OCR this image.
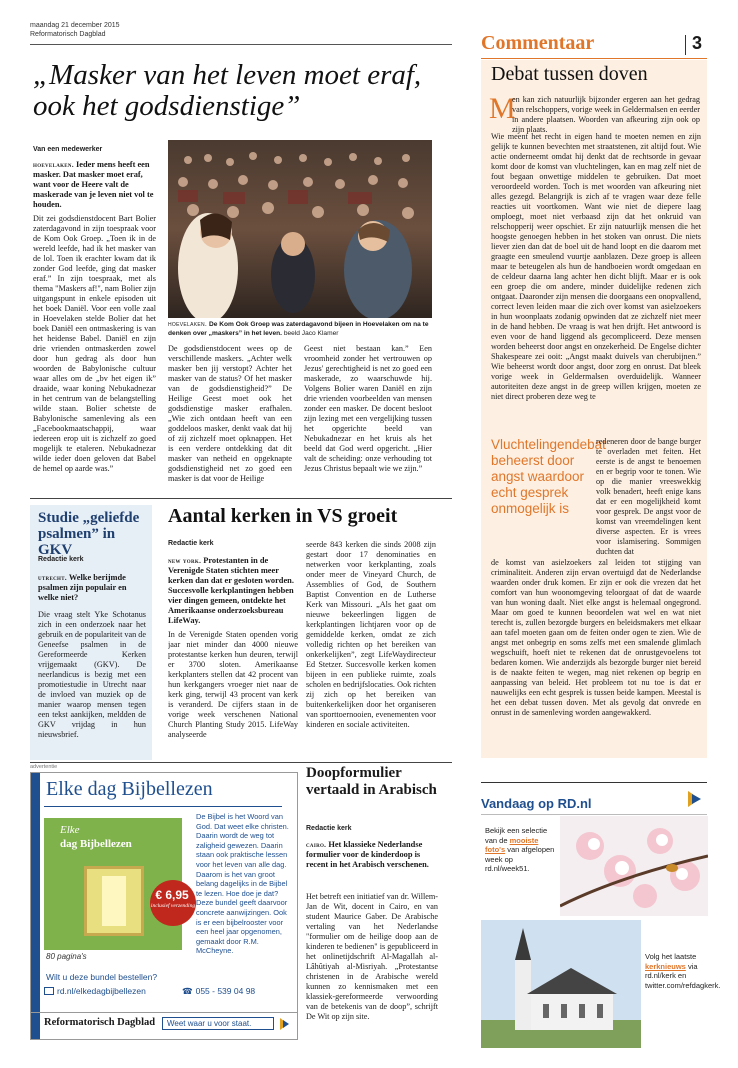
maandag 21 december 2015
Reformatorisch Dagblad	Commentaar	3
„Masker van het leven moet eraf, ook het godsdienstige”
Van een medewerker
hoevelaken. Ieder mens heeft een masker. Dat masker moet eraf, want voor de Heere valt de maskerade van je leven niet vol te houden.
Dit zei godsdienstdocent Bart Bolier zaterdagavond in zijn toespraak voor de Kom Ook Groep. „Toen ik in de wereld leefde, had ik het masker van de lol. Toen ik erachter kwam dat ik zonder God leefde, ging dat masker eraf.” In zijn toespraak, met als thema "Maskers af!", nam Bolier zijn uitgangspunt in enkele episoden uit het boek Daniël. Voor een volle zaal in Hoevelaken stelde Bolier dat het boek Daniël een ontmaskering is van het heidense Babel. Daniël en zijn drie vrienden ontmaskerden zowel door hun gedrag als door hun woorden de Babylonische cultuur waar alles om de „bv het eigen ik” draaide, waar koning Nebukadnezar in het centrum van de belangstelling wilde staan. Bolier schetste de Babylonische samenleving als een „Facebookmaatschappij, waar iedereen erop uit is zichzelf zo goed mogelijk te etaleren. Nebukadnezar wilde ieder doen geloven dat Babel de hemel op aarde was.”
hoevelaken. De Kom Ook Groep was zaterdagavond bijeen in Hoevelaken om na te denken over „maskers” in het leven. beeld Jaco Klamer
De godsdienstdocent wees op de verschillende maskers. „Achter welk masker ben jij verstopt? Achter het masker van de status? Of het masker van de godsdienstigheid?” De Heilige Geest moet ook het godsdienstige masker erafhalen. „Wie zich ontdaan heeft van een goddeloos masker, denkt vaak dat hij of zij zichzelf moet opknappen. Het is een verdere ontdekking dat dit masker van netheid en opgeknapte godsdienstigheid net zo goed een masker is dat voor de Heilige
Geest niet bestaan kan.” Een vroomheid zonder het vertrouwen op Jezus' gerechtigheid is net zo goed een maskerade, zo waarschuwde hij. Volgens Bolier waren Daniël en zijn drie vrienden voorbeelden van mensen zonder een masker. De docent besloot zijn lezing met een vergelijking tussen het opgerichte beeld van Nebukadnezar en het kruis als het beeld dat God werd opgericht. „Hier valt de scheiding: onze verhouding tot Jezus Christus bepaalt wie we zijn.”
Studie „geliefde psalmen” in GKV
Redactie kerk
utrecht. Welke berijmde psalmen zijn populair en welke niet?
Die vraag stelt Yke Schotanus zich in een onderzoek naar het gebruik en de populariteit van de Geneefse psalmen in de Gereformeerde Kerken vrijgemaakt (GKV). De neerlandicus is bezig met een promotiestudie in Utrecht naar de invloed van muziek op de manier waarop mensen tegen een tekst aankijken, meldden de GKV vrijdag in hun nieuwsbrief.
Aantal kerken in VS groeit
Redactie kerk
new york. Protestanten in de Verenigde Staten stichten meer kerken dan dat er gesloten worden. Succesvolle kerkplantingen hebben vier dingen gemeen, ontdekte het Amerikaanse onderzoeksbureau LifeWay.
In de Verenigde Staten openden vorig jaar niet minder dan 4000 nieuwe protestantse kerken hun deuren, terwijl er 3700 sloten. Amerikaanse kerkplanters stellen dat 42 procent van hun kerkgangers vroeger niet naar de kerk ging, terwijl 43 procent van kerk is veranderd. De cijfers staan in de vorige week verschenen National Church Planting Study 2015. LifeWay analyseerde
seerde 843 kerken die sinds 2008 zijn gestart door 17 denominaties en netwerken voor kerkplanting, zoals onder meer de Vineyard Church, de Assemblies of God, de Southern Baptist Convention en de Lutherse Kerk van Missouri. „Als het gaat om nieuwe bekeerlingen liggen de kerkplantingen lichtjaren voor op de gemiddelde kerken, omdat ze zich volledig richten op het bereiken van onkerkelijken”, zegt LifeWaydirecteur Ed Stetzer. Succesvolle kerken komen bijeen in een publieke ruimte, zoals scholen en bedrijfslocaties. Ook richten zij zich op het bereiken van buitenkerkelijken door het organiseren van sporttoernooien, evenementen voor kinderen en sociale activiteiten.
advertentie
Elke dag Bijbellezen
Elke
dag Bijbellezen
€ 6,95
inclusief verzending
80 pagina's
De Bijbel is het Woord van God. Dat weet elke christen. Daarin wordt de weg tot zaligheid gewezen. Daarin staan ook praktische lessen voor het leven van alle dag. Daarom is het van groot belang dagelijks in de Bijbel te lezen. Hoe doe je dat? Deze bundel geeft daarvoor concrete aanwijzingen. Ook is er een bijbelrooster voor een heel jaar opgenomen, gemaakt door R.M. McCheyne.
Wilt u deze bundel bestellen?
rd.nl/elkedagbijbellezen	☎ 055 - 539 04 98
Reformatorisch Dagblad	Weet waar u voor staat.
Doopformulier vertaald in Arabisch
Redactie kerk
cairo. Het klassieke Nederlandse formulier voor de kinderdoop is recent in het Arabisch verschenen.
Het betreft een initiatief van dr. Willem-Jan de Wit, docent in Cairo, en van student Maurice Gaber. De Arabische vertaling van het Nederlandse "formulier om de heilige doop aan de kinderen te bedienen" is gepubliceerd in het onlinetijdschrift Al-Magallah al-Lâhûtiyah al-Misriyah. „Protestantse christenen in de Arabische wereld kunnen zo kennismaken met een klassiek-gereformeerde verwoording van de betekenis van de doop”, schrijft De Wit op zijn site.
Debat tussen doven
M
en kan zich natuurlijk bijzonder ergeren aan het gedrag van relschoppers, vorige week in Geldermalsen en eerder in andere plaatsen. Woorden van afkeuring zijn ook op zijn plaats.
Wie meent het recht in eigen hand te moeten nemen en zijn gelijk te kunnen bevechten met straatstenen, zit altijd fout. Wie actie onderneemt omdat hij denkt dat de rechtsorde in gevaar komt door de komst van vluchtelingen, kan en mag zelf niet de fout begaan onwettige middelen te gebruiken. Dat moet veroordeeld worden. Toch is met woorden van afkeuring niet alles gezegd. Belangrijk is zich af te vragen waar deze felle reacties uit voortkomen. Want wie niet de diepere laag omploegt, moet niet verbaasd zijn dat het onkruid van relschopperij weer opschiet. Er zijn natuurlijk mensen die het hoogste genoegen hebben in het stoken van onrust. Die niets liever zien dan dat de boel uit de hand loopt en die daarom met graagte een smeulend vuurtje aanblazen. Deze groep is alleen maar te beteugelen als hun de handboeien wordt omgedaan en de celdeur daarna lang achter hen dicht blijft. Maar er is ook een groep die om andere, minder duidelijke redenen zich ontgaat. Daaronder zijn mensen die doorgaans een onopvallend, correct leven leiden maar die zich over komst van asielzoekers in hun woonplaats zodanig opwinden dat ze zichzelf niet meer in de hand hebben. De vraag is wat hen drijft. Het antwoord is even voor de hand liggend als gecompliceerd. Deze mensen worden beheerst door angst en onzekerheid. De Engelse dichter Shakespeare zei ooit: „Angst maakt duivels van cherubijnen.” Wie beheerst wordt door angst, door zorg en onrust. Dat bleek vorige week in Geldermalsen overduidelijk. Wanneer autoriteiten deze angst in de greep willen krijgen, moeten ze niet direct proberen deze weg te
Vluchtelingendebat beheerst door angst waardoor echt gesprek onmogelijk is
redeneren door de bange burger te overladen met feiten. Het eerste is de angst te benoemen en er begrip voor te tonen. Wie op die manier vreeswekkig volk benadert, heeft enige kans dat er een mogelijkheid komt voor gesprek. De angst voor de komst van vreemdelingen kent diverse aspecten. Er is vrees voor islamisering. Sommigen duchten dat
de komst van asielzoekers zal leiden tot stijging van criminaliteit. Anderen zijn ervan overtuigd dat de Nederlandse waarden onder druk komen. Er zijn er ook die vrezen dat het comfort van hun woonomgeving teloorgaat of dat de waarde van hun woning daalt. Niet elke angst is helemaal ongegrond. Maar om goed te kunnen beoordelen wat wel en wat niet terecht is, zullen bezorgde burgers en beleidsmakers met elkaar aan tafel moeten gaan om de feiten onder ogen te zien. Wie de angst met onbegrip en soms zelfs met een smalende glimlach wegschuift, hoeft niet te rekenen dat de onrustgevoelens tot bedaren komen. Wie anderzijds als bezorgde burger niet bereid is de naakte feiten te wegen, mag niet rekenen op begrip en aanpassing van beleid. Het probleem tot nu toe is dat er nauwelijks een echt gesprek is tussen beide kampen. Meestal is het een debat tussen doven. Met als gevolg dat onvrede en onrust in de samenleving worden aangewakkerd.
Vandaag op RD.nl
Bekijk een selectie van de mooiste foto's van afgelopen week op rd.nl/week51.
Volg het laatste kerknieuws via rd.nl/kerk en twitter.com/refdagkerk.
